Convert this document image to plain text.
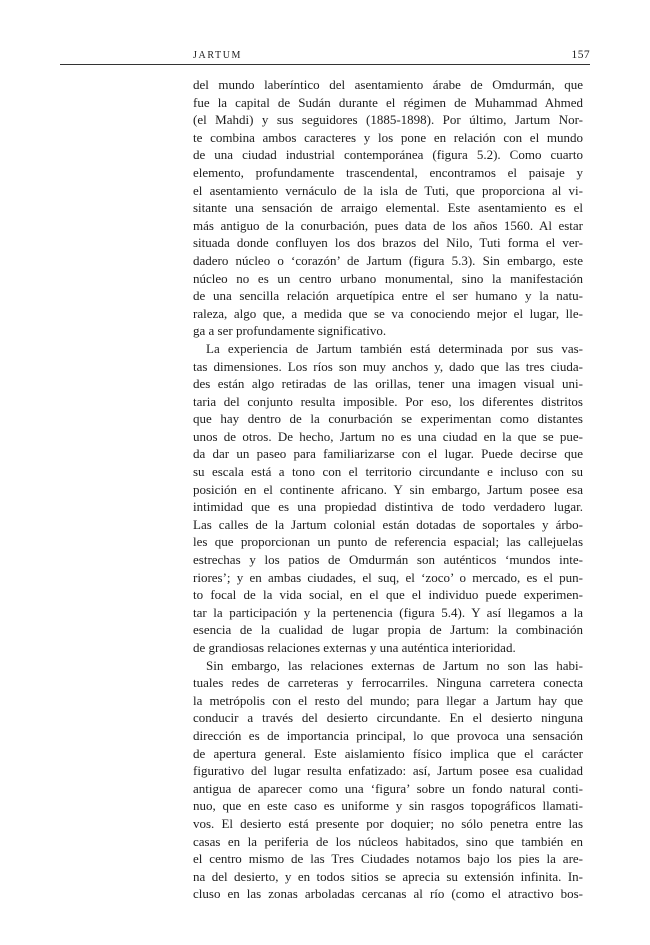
JARTUM	157
del mundo laberíntico del asentamiento árabe de Omdurmán, que
fue la capital de Sudán durante el régimen de Muhammad Ahmed
(el Mahdi) y sus seguidores (1885-1898). Por último, Jartum Nor-
te combina ambos caracteres y los pone en relación con el mundo
de una ciudad industrial contemporánea (figura 5.2). Como cuarto
elemento, profundamente trascendental, encontramos el paisaje y
el asentamiento vernáculo de la isla de Tuti, que proporciona al vi-
sitante una sensación de arraigo elemental. Este asentamiento es el
más antiguo de la conurbación, pues data de los años 1560. Al estar
situada donde confluyen los dos brazos del Nilo, Tuti forma el ver-
dadero núcleo o ‘corazón’ de Jartum (figura 5.3). Sin embargo, este
núcleo no es un centro urbano monumental, sino la manifestación
de una sencilla relación arquetípica entre el ser humano y la natu-
raleza, algo que, a medida que se va conociendo mejor el lugar, lle-
ga a ser profundamente significativo.
La experiencia de Jartum también está determinada por sus vas-
tas dimensiones. Los ríos son muy anchos y, dado que las tres ciuda-
des están algo retiradas de las orillas, tener una imagen visual uni-
taria del conjunto resulta imposible. Por eso, los diferentes distritos
que hay dentro de la conurbación se experimentan como distantes
unos de otros. De hecho, Jartum no es una ciudad en la que se pue-
da dar un paseo para familiarizarse con el lugar. Puede decirse que
su escala está a tono con el territorio circundante e incluso con su
posición en el continente africano. Y sin embargo, Jartum posee esa
intimidad que es una propiedad distintiva de todo verdadero lugar.
Las calles de la Jartum colonial están dotadas de soportales y árbo-
les que proporcionan un punto de referencia espacial; las callejuelas
estrechas y los patios de Omdurmán son auténticos ‘mundos inte-
riores’; y en ambas ciudades, el suq, el ‘zoco’ o mercado, es el pun-
to focal de la vida social, en el que el individuo puede experimen-
tar la participación y la pertenencia (figura 5.4). Y así llegamos a la
esencia de la cualidad de lugar propia de Jartum: la combinación
de grandiosas relaciones externas y una auténtica interioridad.
Sin embargo, las relaciones externas de Jartum no son las habi-
tuales redes de carreteras y ferrocarriles. Ninguna carretera conecta
la metrópolis con el resto del mundo; para llegar a Jartum hay que
conducir a través del desierto circundante. En el desierto ninguna
dirección es de importancia principal, lo que provoca una sensación
de apertura general. Este aislamiento físico implica que el carácter
figurativo del lugar resulta enfatizado: así, Jartum posee esa cualidad
antigua de aparecer como una ‘figura’ sobre un fondo natural conti-
nuo, que en este caso es uniforme y sin rasgos topográficos llamati-
vos. El desierto está presente por doquier; no sólo penetra entre las
casas en la periferia de los núcleos habitados, sino que también en
el centro mismo de las Tres Ciudades notamos bajo los pies la are-
na del desierto, y en todos sitios se aprecia su extensión infinita. In-
cluso en las zonas arboladas cercanas al río (como el atractivo bos-
